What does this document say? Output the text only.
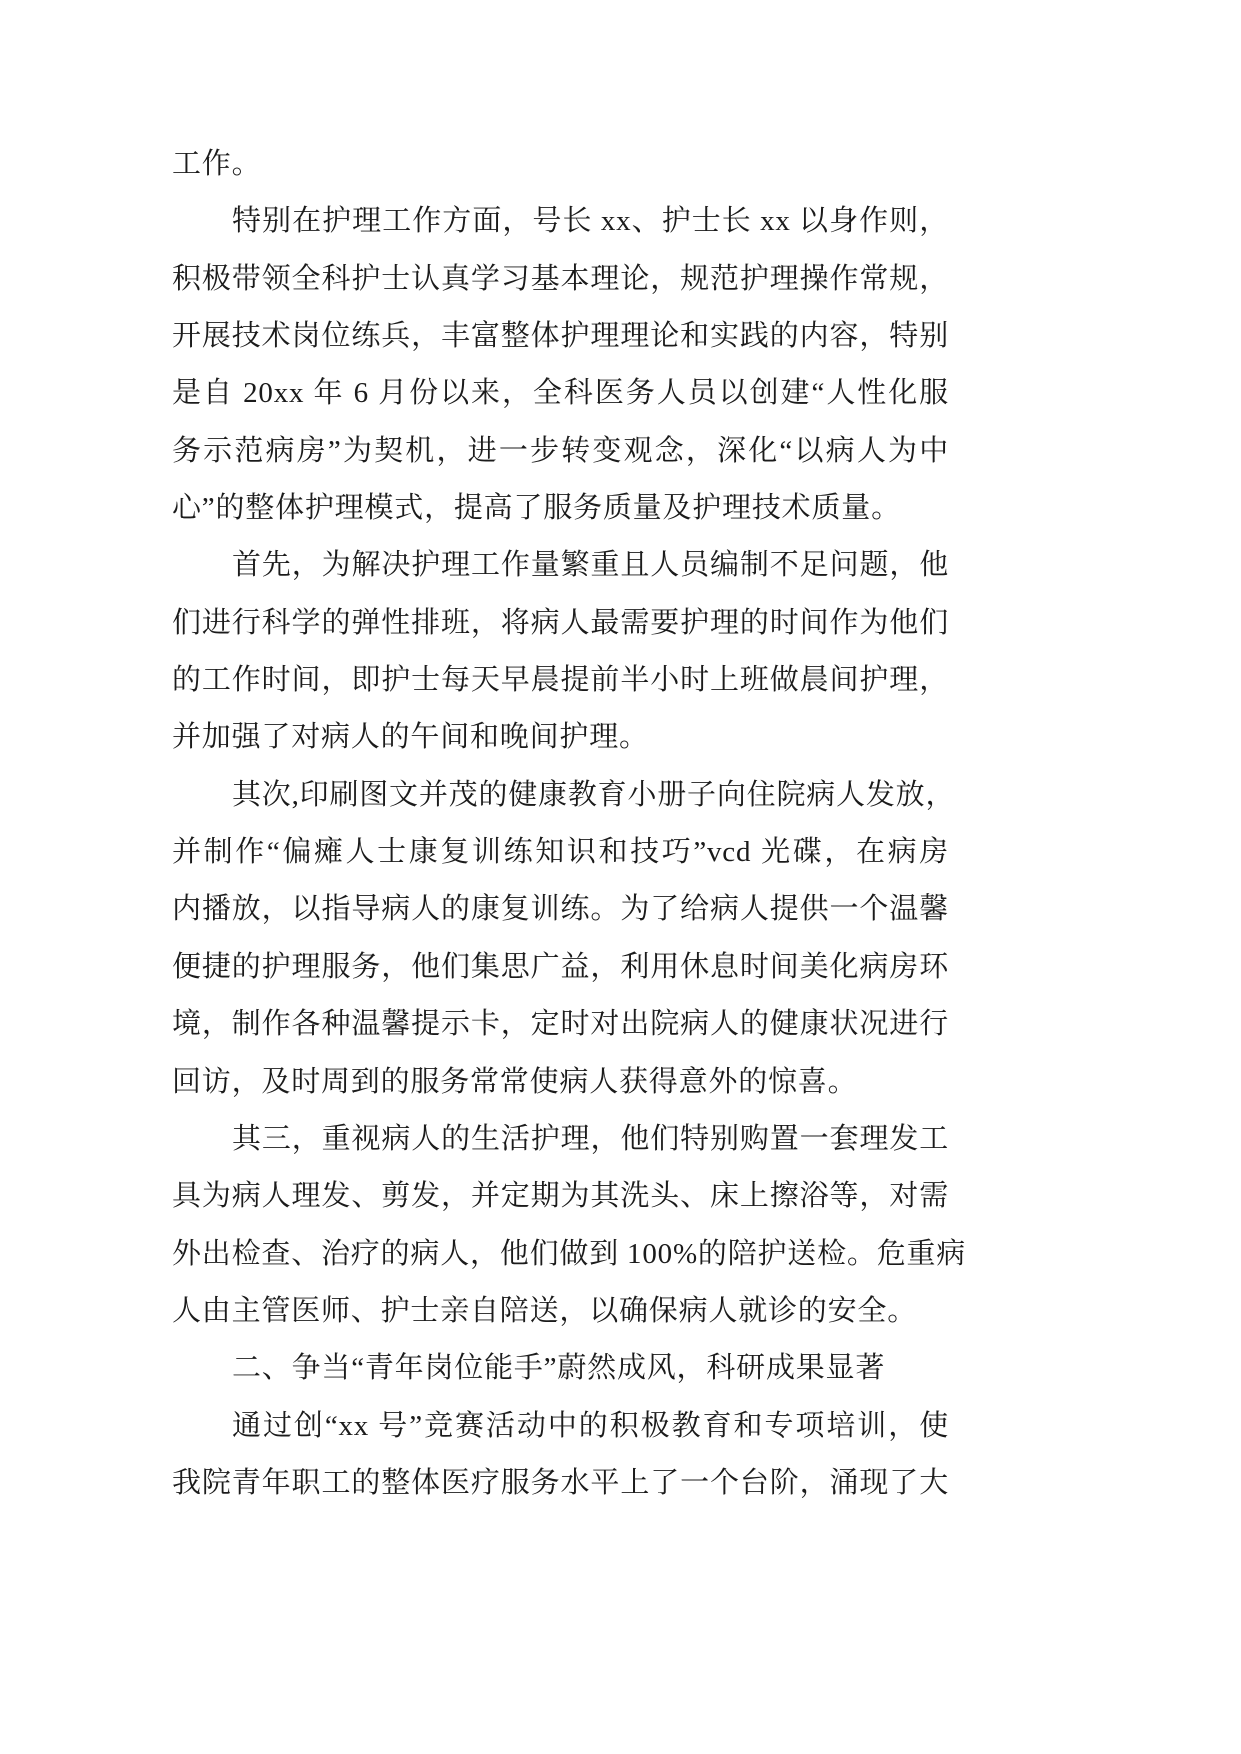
工作。
特别在护理工作方面，号长 xx、护士长 xx 以身作则，
积极带领全科护士认真学习基本理论，规范护理操作常规，
开展技术岗位练兵，丰富整体护理理论和实践的内容，特别
是自 20xx 年 6 月份以来，全科医务人员以创建“人性化服
务示范病房”为契机，进一步转变观念，深化“以病人为中
心”的整体护理模式，提高了服务质量及护理技术质量。
首先，为解决护理工作量繁重且人员编制不足问题，他
们进行科学的弹性排班，将病人最需要护理的时间作为他们
的工作时间，即护士每天早晨提前半小时上班做晨间护理，
并加强了对病人的午间和晚间护理。
其次,印刷图文并茂的健康教育小册子向住院病人发放，
并制作“偏瘫人士康复训练知识和技巧”vcd 光碟，在病房
内播放，以指导病人的康复训练。为了给病人提供一个温馨
便捷的护理服务，他们集思广益，利用休息时间美化病房环
境，制作各种温馨提示卡，定时对出院病人的健康状况进行
回访，及时周到的服务常常使病人获得意外的惊喜。
其三，重视病人的生活护理，他们特别购置一套理发工
具为病人理发、剪发，并定期为其洗头、床上擦浴等，对需
外出检查、治疗的病人，他们做到 100%的陪护送检。危重病
人由主管医师、护士亲自陪送，以确保病人就诊的安全。
二、争当“青年岗位能手”蔚然成风，科研成果显著
通过创“xx 号”竞赛活动中的积极教育和专项培训，使
我院青年职工的整体医疗服务水平上了一个台阶，涌现了大
